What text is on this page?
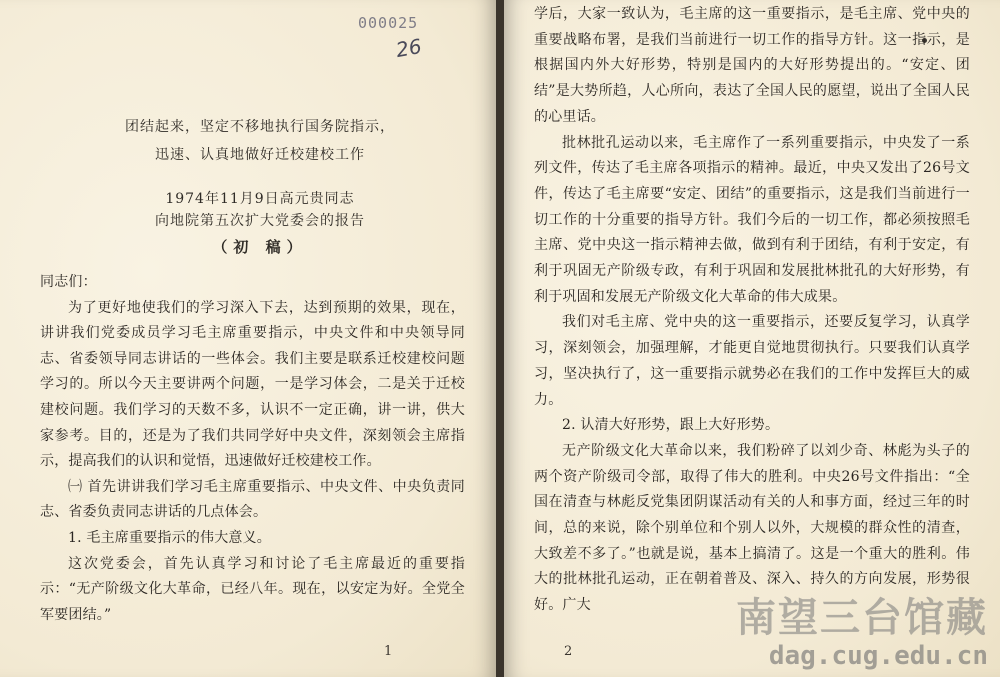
000025
26
团结起来，坚定不移地执行国务院指示，
迅速、认真地做好迁校建校工作
1974年11月9日高元贵同志
向地院第五次扩大党委会的报告
（初 稿）

同志们：

为了更好地使我们的学习深入下去，达到预期的效果，现在，讲讲我们党委成员学习毛主席重要指示，中央文件和中央领导同志、省委领导同志讲话的一些体会。我们主要是联系迁校建校问题学习的。所以今天主要讲两个问题，一是学习体会，二是关于迁校建校问题。我们学习的天数不多，认识不一定正确，讲一讲，供大家参考。目的，还是为了我们共同学好中央文件，深刻领会主席指示，提高我们的认识和觉悟，迅速做好迁校建校工作。

㈠ 首先讲讲我们学习毛主席重要指示、中央文件、中央负责同志、省委负责同志讲话的几点体会。

1. 毛主席重要指示的伟大意义。

这次党委会，首先认真学习和讨论了毛主席最近的重要指示：“无产阶级文化大革命，已经八年。现在，以安定为好。全党全军要团结。”

1

学后，大家一致认为，毛主席的这一重要指示，是毛主席、党中央的重要战略布署，是我们当前进行一切工作的指导方针。这一指示，是根据国内外大好形势，特别是国内的大好形势提出的。“安定、团结”是大势所趋，人心所向，表达了全国人民的愿望，说出了全国人民的心里话。

批林批孔运动以来，毛主席作了一系列重要指示，中央发了一系列文件，传达了毛主席各项指示的精神。最近，中央又发出了26号文件，传达了毛主席要“安定、团结”的重要指示，这是我们当前进行一切工作的十分重要的指导方针。我们今后的一切工作，都必须按照毛主席、党中央这一指示精神去做，做到有利于团结，有利于安定，有利于巩固无产阶级专政，有利于巩固和发展批林批孔的大好形势，有利于巩固和发展无产阶级文化大革命的伟大成果。

我们对毛主席、党中央的这一重要指示，还要反复学习，认真学习，深刻领会，加强理解，才能更自觉地贯彻执行。只要我们认真学习，坚决执行了，这一重要指示就势必在我们的工作中发挥巨大的威力。

2. 认清大好形势，跟上大好形势。

无产阶级文化大革命以来，我们粉碎了以刘少奇、林彪为头子的两个资产阶级司令部，取得了伟大的胜利。中央26号文件指出：“全国在清查与林彪反党集团阴谋活动有关的人和事方面，经过三年的时间，总的来说，除个别单位和个别人以外，大规模的群众性的清查，大致差不多了。”也就是说，基本上搞清了。这是一个重大的胜利。伟大的批林批孔运动，正在朝着普及、深入、持久的方向发展，形势很好。广大

2
南望三台馆藏
dag.cug.edu.cn
